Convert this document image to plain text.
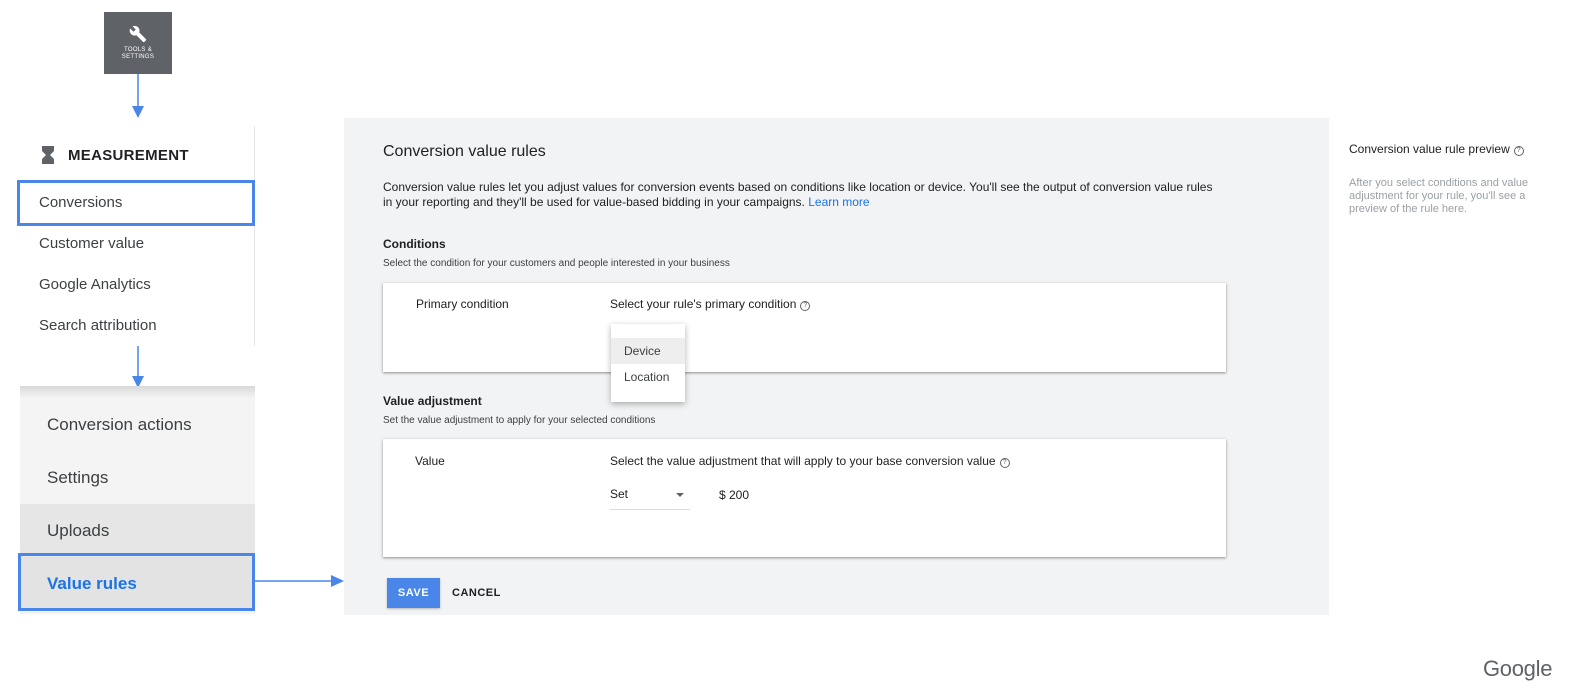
TOOLS &
SETTINGS
MEASUREMENT
Conversions
Customer value
Google Analytics
Search attribution
Conversion actions
Settings
Uploads
Value rules
Conversion value rules
Conversion value rules let you adjust values for conversion events based on conditions like location or device. You'll see the output of conversion value rules in your reporting and they'll be used for value-based bidding in your campaigns. Learn more
Conditions
Select the condition for your customers and people interested in your business
Primary condition	Select your rule's primary condition ?
Device
Location
Value adjustment
Set the value adjustment to apply for your selected conditions
Value	Select the value adjustment that will apply to your base conversion value ?
$ 200
Set
SAVE	CANCEL
Conversion value rule preview ?
After you select conditions and value adjustment for your rule, you'll see a preview of the rule here.
Google
